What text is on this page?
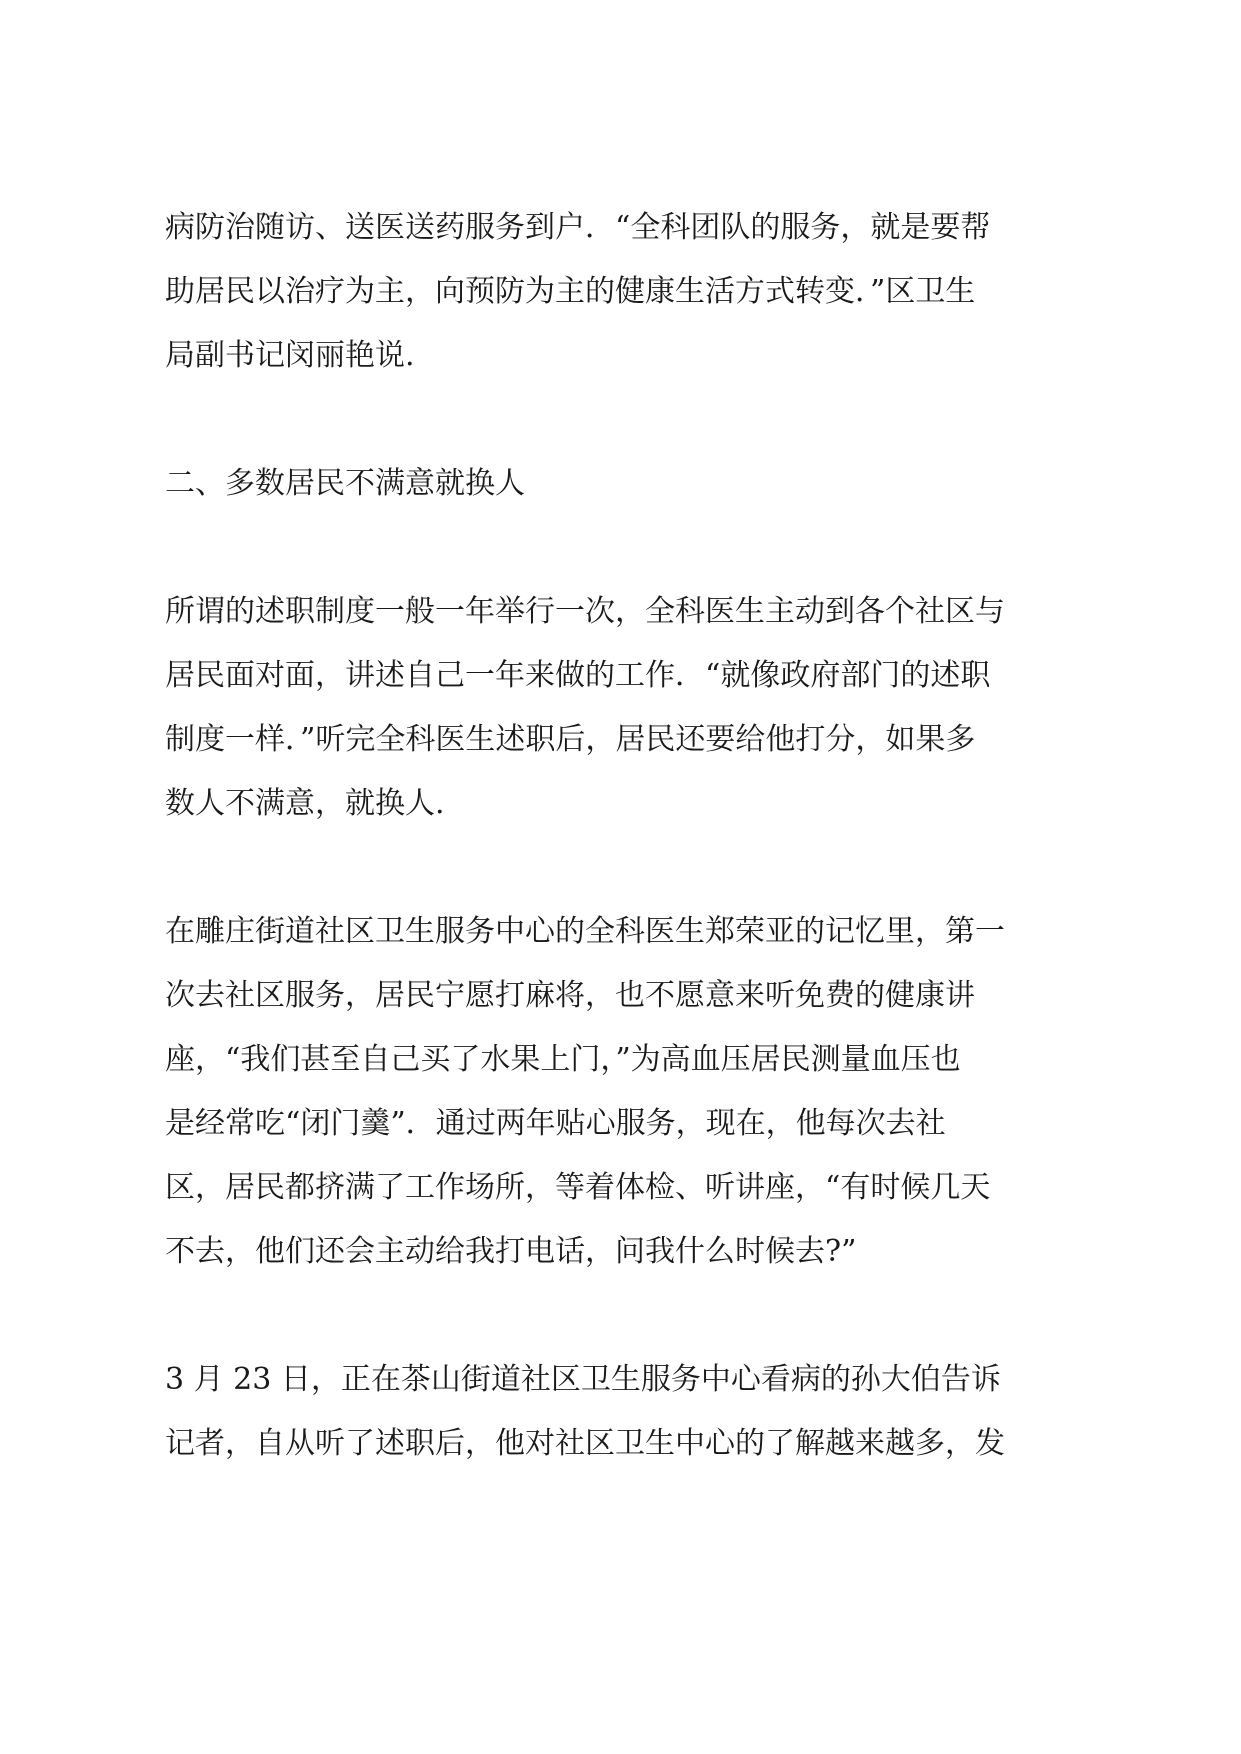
病防治随访、送医送药服务到户．“全科团队的服务，就是要帮
助居民以治疗为主，向预防为主的健康生活方式转变．”区卫生
局副书记闵丽艳说.

二、多数居民不满意就换人

所谓的述职制度一般一年举行一次，全科医生主动到各个社区与
居民面对面，讲述自己一年来做的工作．“就像政府部门的述职
制度一样．”听完全科医生述职后，居民还要给他打分，如果多
数人不满意，就换人.

在雕庄街道社区卫生服务中心的全科医生郑荣亚的记忆里，第一
次去社区服务，居民宁愿打麻将，也不愿意来听免费的健康讲
座，“我们甚至自己买了水果上门，”为高血压居民测量血压也
是经常吃“闭门羹”．通过两年贴心服务，现在，他每次去社
区，居民都挤满了工作场所，等着体检、听讲座，“有时候几天
不去，他们还会主动给我打电话，问我什么时候去?”

3 月 23 日，正在茶山街道社区卫生服务中心看病的孙大伯告诉
记者，自从听了述职后，他对社区卫生中心的了解越来越多，发
